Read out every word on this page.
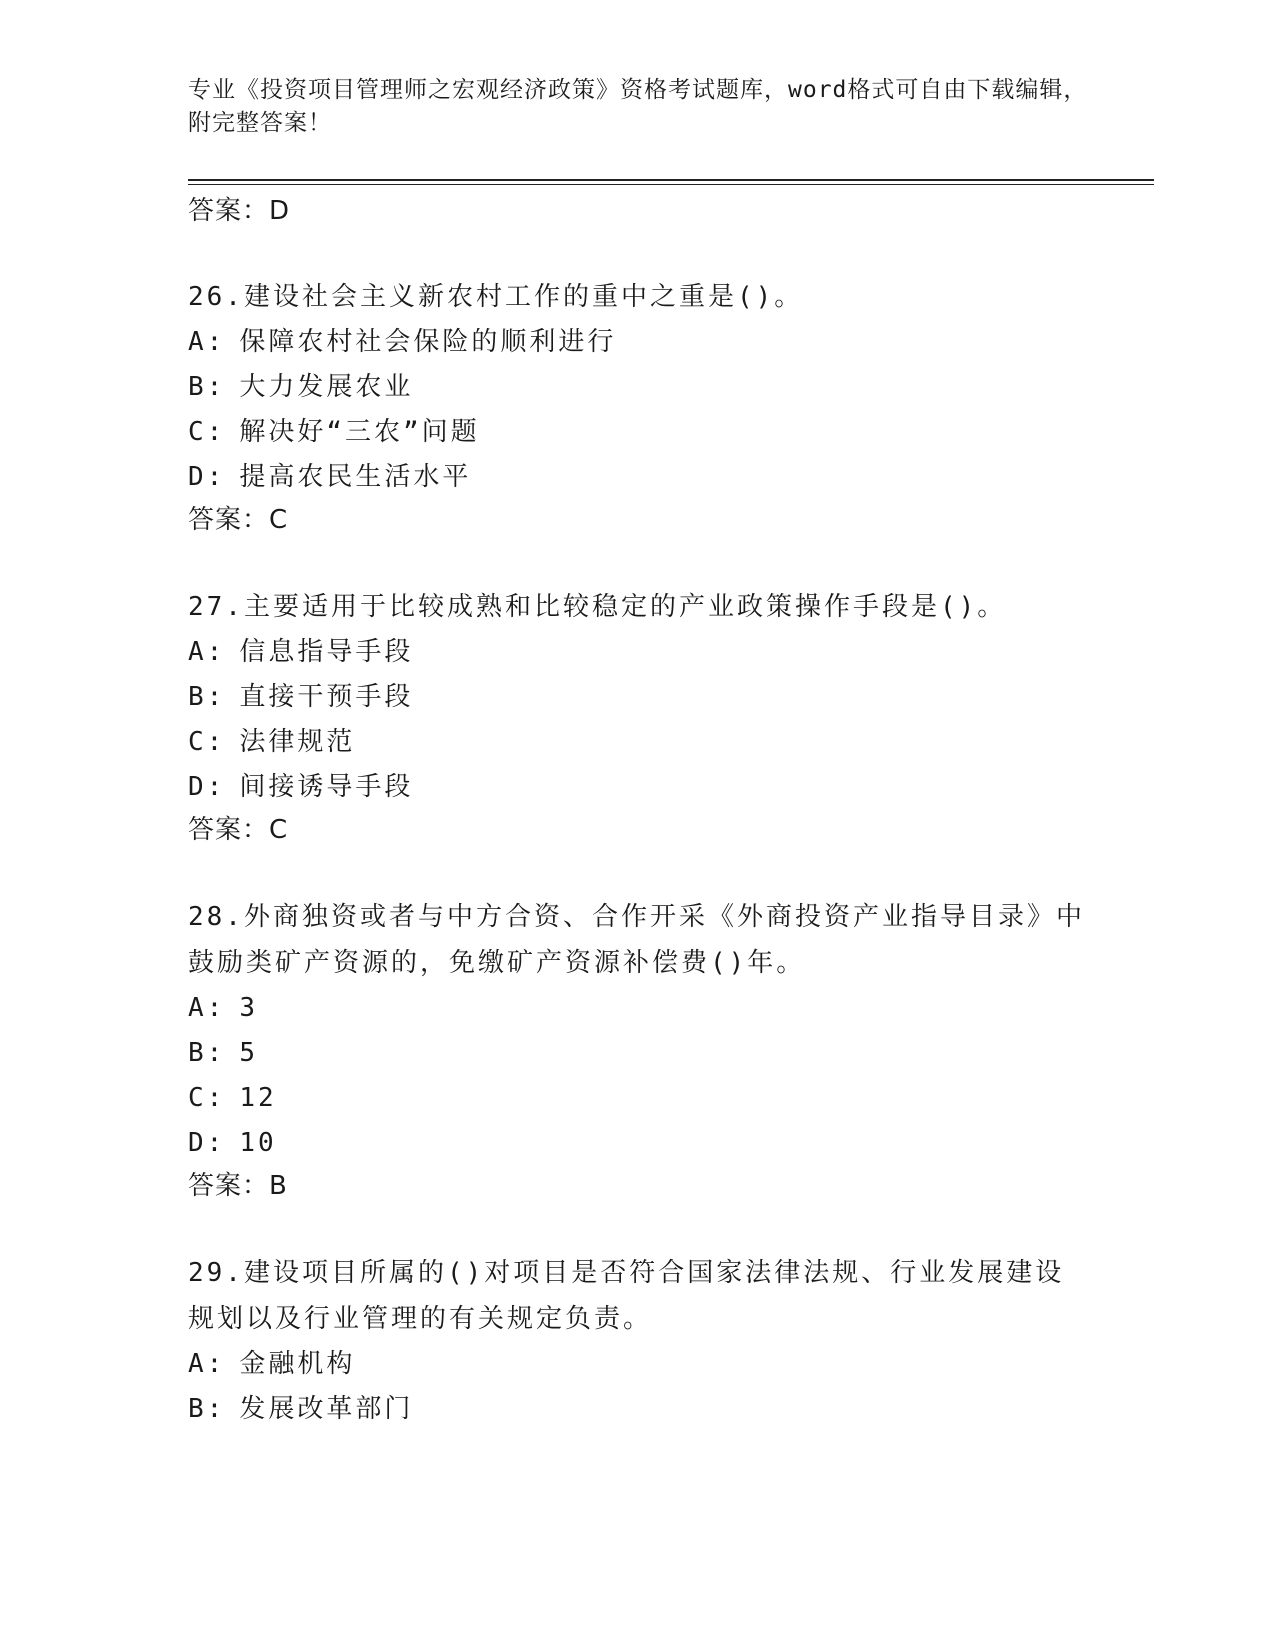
专业《投资项目管理师之宏观经济政策》资格考试题库，word格式可自由下载编辑，附完整答案！
答案：D
26.建设社会主义新农村工作的重中之重是()。
A: 保障农村社会保险的顺利进行
B: 大力发展农业
C: 解决好“三农”问题
D: 提高农民生活水平
答案：C
27.主要适用于比较成熟和比较稳定的产业政策操作手段是()。
A: 信息指导手段
B: 直接干预手段
C: 法律规范
D: 间接诱导手段
答案：C
28.外商独资或者与中方合资、合作开采《外商投资产业指导目录》中鼓励类矿产资源的，免缴矿产资源补偿费()年。
A: 3
B: 5
C: 12
D: 10
答案：B
29.建设项目所属的()对项目是否符合国家法律法规、行业发展建设规划以及行业管理的有关规定负责。
A: 金融机构
B: 发展改革部门
